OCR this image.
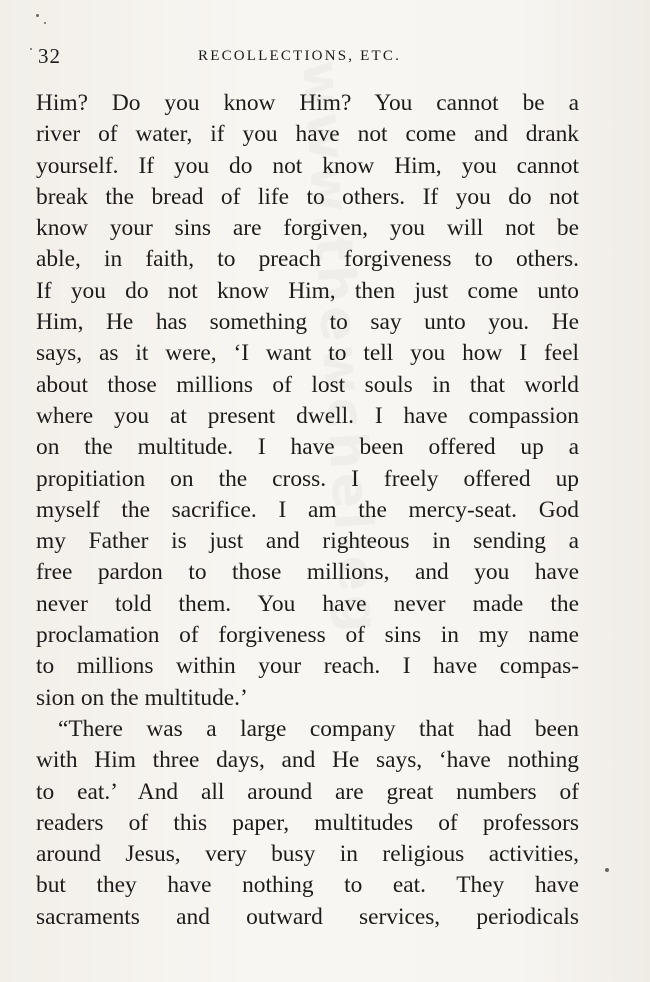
www.thewchelleg
32	RECOLLECTIONS, ETC.
Him? Do you know Him? You cannot be a
river of water, if you have not come and drank
yourself. If you do not know Him, you cannot
break the bread of life to others. If you do not
know your sins are forgiven, you will not be
able, in faith, to preach forgiveness to others.
If you do not know Him, then just come unto
Him, He has something to say unto you. He
says, as it were, ‘I want to tell you how I feel
about those millions of lost souls in that world
where you at present dwell. I have compassion
on the multitude. I have been offered up a
propitiation on the cross. I freely offered up
myself the sacrifice. I am the mercy-seat. God
my Father is just and righteous in sending a
free pardon to those millions, and you have
never told them. You have never made the
proclamation of forgiveness of sins in my name
to millions within your reach. I have compas-
sion on the multitude.’
“There was a large company that had been
with Him three days, and He says, ‘have nothing
to eat.’ And all around are great numbers of
readers of this paper, multitudes of professors
around Jesus, very busy in religious activities,
but they have nothing to eat. They have
sacraments and outward services, periodicals
